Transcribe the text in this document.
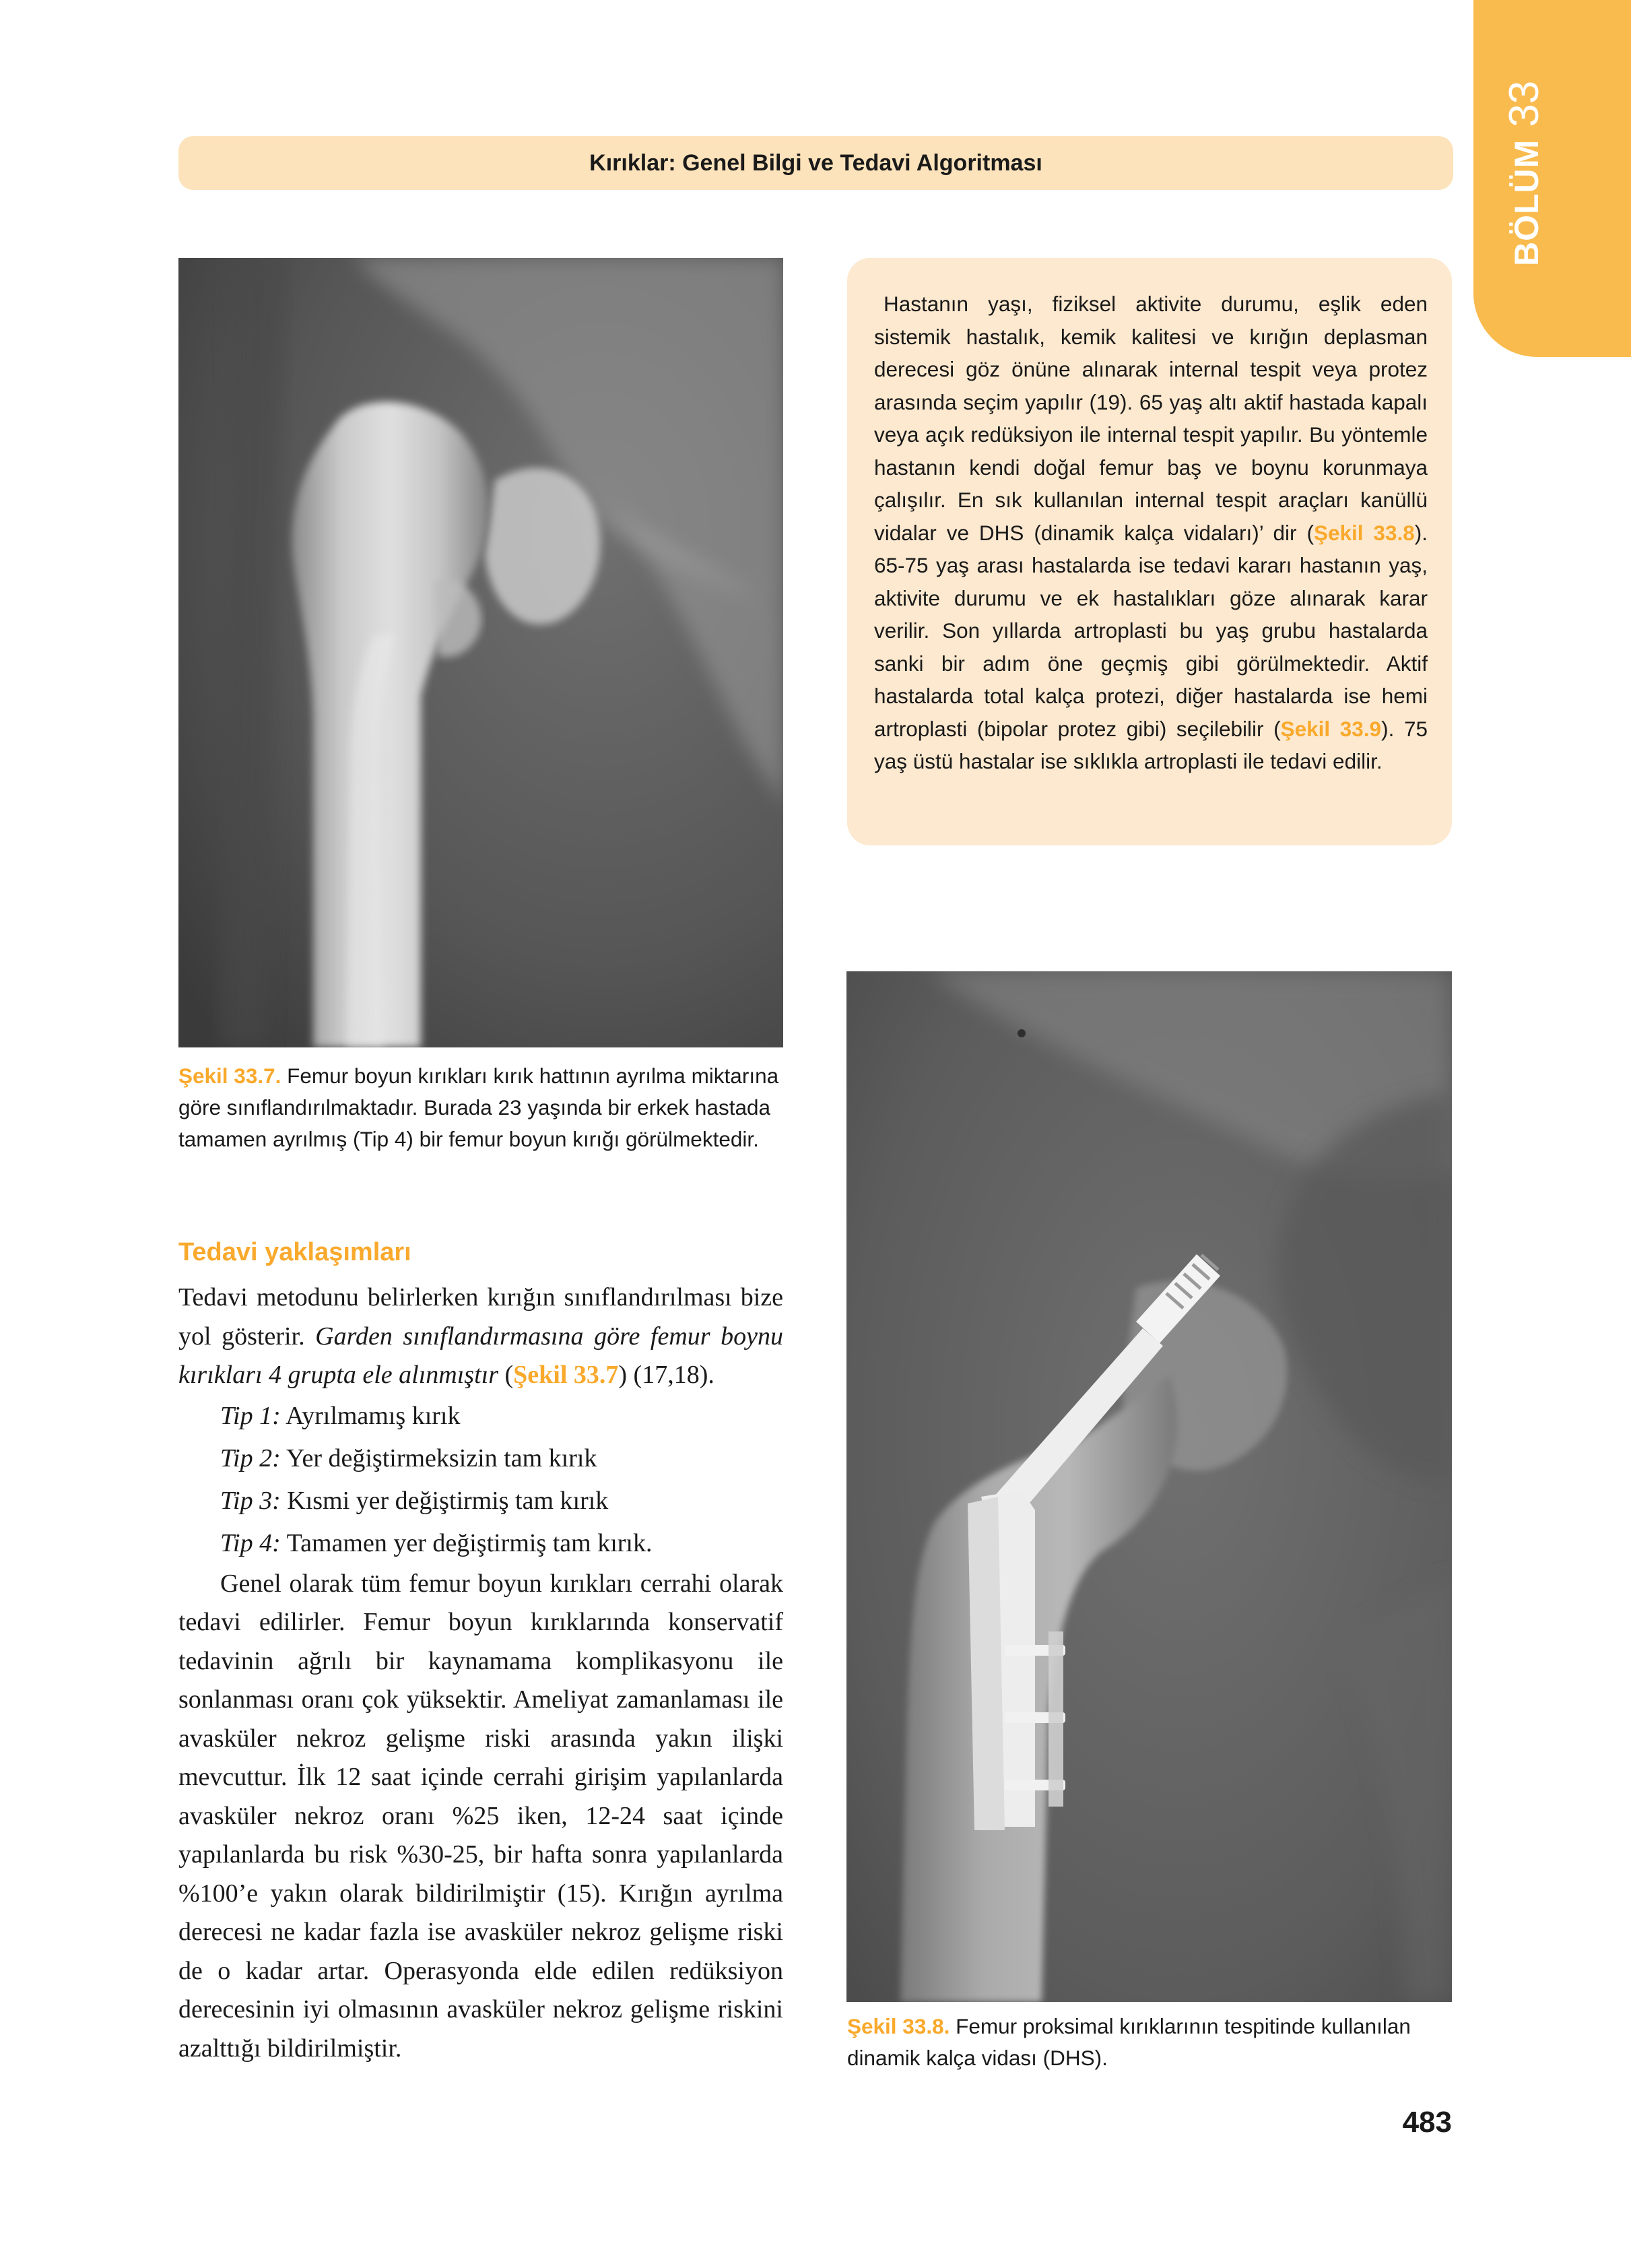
BÖLÜM
33
Kırıklar: Genel Bilgi ve Tedavi Algoritması

Hastanın yaşı, fiziksel aktivite durumu, eşlik eden sistemik hastalık, kemik kalitesi ve kırığın deplasman derecesi göz önüne alınarak internal tespit veya protez arasında seçim yapılır (19). 65 yaş altı aktif hastada kapalı veya açık redüksiyon ile internal tespit yapılır. Bu yöntemle hastanın kendi doğal femur baş ve boynu korunmaya çalışılır. En sık kullanılan internal tespit araçları kanüllü vidalar ve DHS (dinamik kalça vidaları)’ dir (Şekil 33.8). 65-75 yaş arası hastalarda ise tedavi kararı hastanın yaş, aktivite durumu ve ek hastalıkları göze alınarak karar verilir. Son yıllarda artroplasti bu yaş grubu hastalarda sanki bir adım öne geçmiş gibi görülmektedir. Aktif hastalarda total kalça protezi, diğer hastalarda ise hemi artroplasti (bipolar protez gibi) seçilebilir (Şekil 33.9). 75 yaş üstü hastalar ise sıklıkla artroplasti ile tedavi edilir.

Şekil 33.7. Femur boyun kırıkları kırık hattının ayrılma miktarına göre sınıflandırılmaktadır. Burada 23 yaşında bir erkek hastada tamamen ayrılmış (Tip 4) bir femur boyun kırığı görülmektedir.
Tedavi yaklaşımları

Tedavi metodunu belirlerken kırığın sınıflandırılması bize yol gösterir. Garden sınıflandırmasına göre femur boynu kırıkları 4 grupta ele alınmıştır (Şekil 33.7) (17,18).

Tip 1: Ayrılmamış kırık

Tip 2: Yer değiştirmeksizin tam kırık

Tip 3: Kısmi yer değiştirmiş tam kırık

Tip 4: Tamamen yer değiştirmiş tam kırık.

Genel olarak tüm femur boyun kırıkları cerrahi olarak tedavi edilirler. Femur boyun kırıklarında konservatif tedavinin ağrılı bir kaynamama komplikasyonu ile sonlanması oranı çok yüksektir. Ameliyat zamanlaması ile avasküler nekroz gelişme riski arasında yakın ilişki mevcuttur. İlk 12 saat içinde cerrahi girişim yapılanlarda avasküler nekroz oranı %25 iken, 12-24 saat içinde yapılanlarda bu risk %30-25, bir hafta sonra yapılanlarda %100’e yakın olarak bildirilmiştir (15). Kırığın ayrılma derecesi ne kadar fazla ise avasküler nekroz gelişme riski de o kadar artar. Operasyonda elde edilen redüksiyon derecesinin iyi olmasının avasküler nekroz gelişme riskini azalttığı bildirilmiştir.

Şekil 33.8. Femur proksimal kırıklarının tespitinde kullanılan dinamik kalça vidası (DHS).
483
